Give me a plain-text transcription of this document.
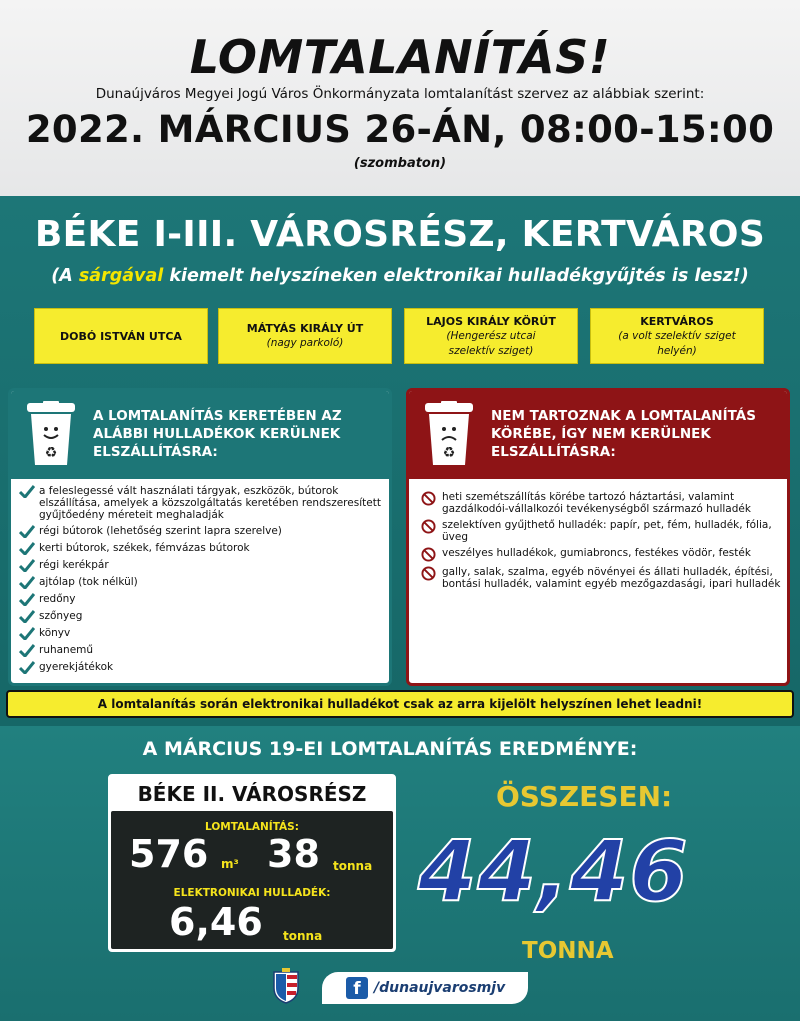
LOMTALANÍTÁS!
Dunaújváros Megyei Jogú Város Önkormányzata lomtalanítást szervez az alábbiak szerint:
2022. MÁRCIUS 26-ÁN, 08:00-15:00
(szombaton)
BÉKE I-III. VÁROSRÉSZ, KERTVÁROS
(A sárgával kiemelt helyszíneken elektronikai hulladékgyűjtés is lesz!)
DOBÓ ISTVÁN UTCA
MÁTYÁS KIRÁLY ÚT
(nagy parkoló)
LAJOS KIRÁLY KÖRÚT
(Hengerész utcai szelektív sziget)
KERTVÁROS
(a volt szelektív sziget helyén)
♻
A LOMTALANÍTÁS KERETÉBEN AZ ALÁBBI HULLADÉKOK KERÜLNEK ELSZÁLLÍTÁSRA:
a feleslegessé vált használati tárgyak, eszközök, bútorok elszállítása, amelyek a közszolgáltatás keretében rendszeresített gyűjtőedény méreteit meghaladják
régi bútorok (lehetőség szerint lapra szerelve)
kerti bútorok, székek, fémvázas bútorok
régi kerékpár
ajtólap (tok nélkül)
redőny
szőnyeg
könyv
ruhanemű
gyerekjátékok
♻
NEM TARTOZNAK A LOMTALANÍTÁS KÖRÉBE, ÍGY NEM KERÜLNEK ELSZÁLLÍTÁSRA:
heti szemétszállítás körébe tartozó háztartási, valamint gazdálkodói-vállalkozói tevékenységből származó hulladék
szelektíven gyűjthető hulladék: papír, pet, fém, hulladék, fólia, üveg
veszélyes hulladékok, gumiabroncs, festékes vödör, festék
gally, salak, szalma, egyéb növényei és állati hulladék, építési, bontási hulladék, valamint egyéb mezőgazdasági, ipari hulladék
A lomtalanítás során elektronikai hulladékot csak az arra kijelölt helyszínen lehet leadni!
A MÁRCIUS 19-EI LOMTALANÍTÁS EREDMÉNYE:
BÉKE II. VÁROSRÉSZ
LOMTALANÍTÁS:
576 m³ 38 tonna
ELEKTRONIKAI HULLADÉK:
6,46 tonna
ÖSSZESEN:
44,46
TONNA
f /dunaujvarosmjv
